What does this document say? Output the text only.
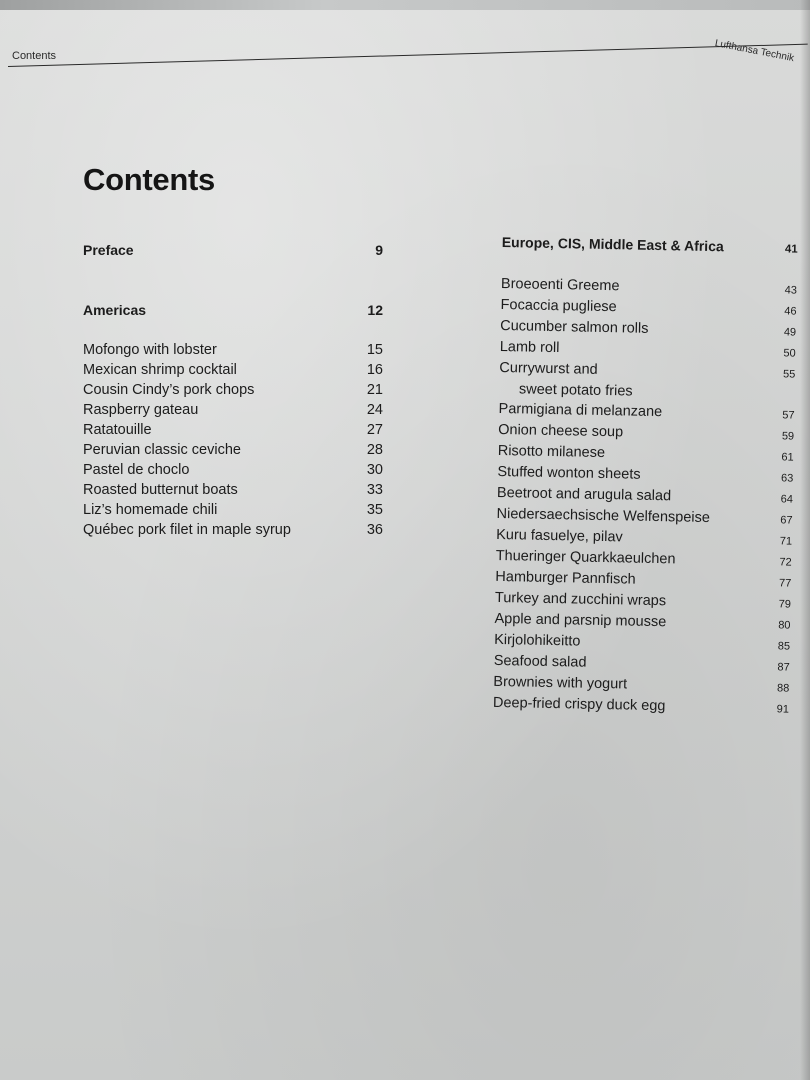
Contents	Lufthansa Technik
Contents
Preface	9
Americas	12
Mofongo with lobster	15
Mexican shrimp cocktail	16
Cousin Cindy’s pork chops	21
Raspberry gateau	24
Ratatouille	27
Peruvian classic ceviche	28
Pastel de choclo	30
Roasted butternut boats	33
Liz’s homemade chili	35
Québec pork filet in maple syrup	36
Europe, CIS, Middle East & Africa	41
Broeoenti Greeme	43
Focaccia pugliese	46
Cucumber salmon rolls	49
Lamb roll	50
Currywurst and	55
sweet potato fries
Parmigiana di melanzane	57
Onion cheese soup	59
Risotto milanese	61
Stuffed wonton sheets	63
Beetroot and arugula salad	64
Niedersaechsische Welfenspeise	67
Kuru fasuelye, pilav	71
Thueringer Quarkkaeulchen	72
Hamburger Pannfisch	77
Turkey and zucchini wraps	79
Apple and parsnip mousse	80
Kirjolohikeitto	85
Seafood salad	87
Brownies with yogurt	88
Deep-fried crispy duck egg	91
